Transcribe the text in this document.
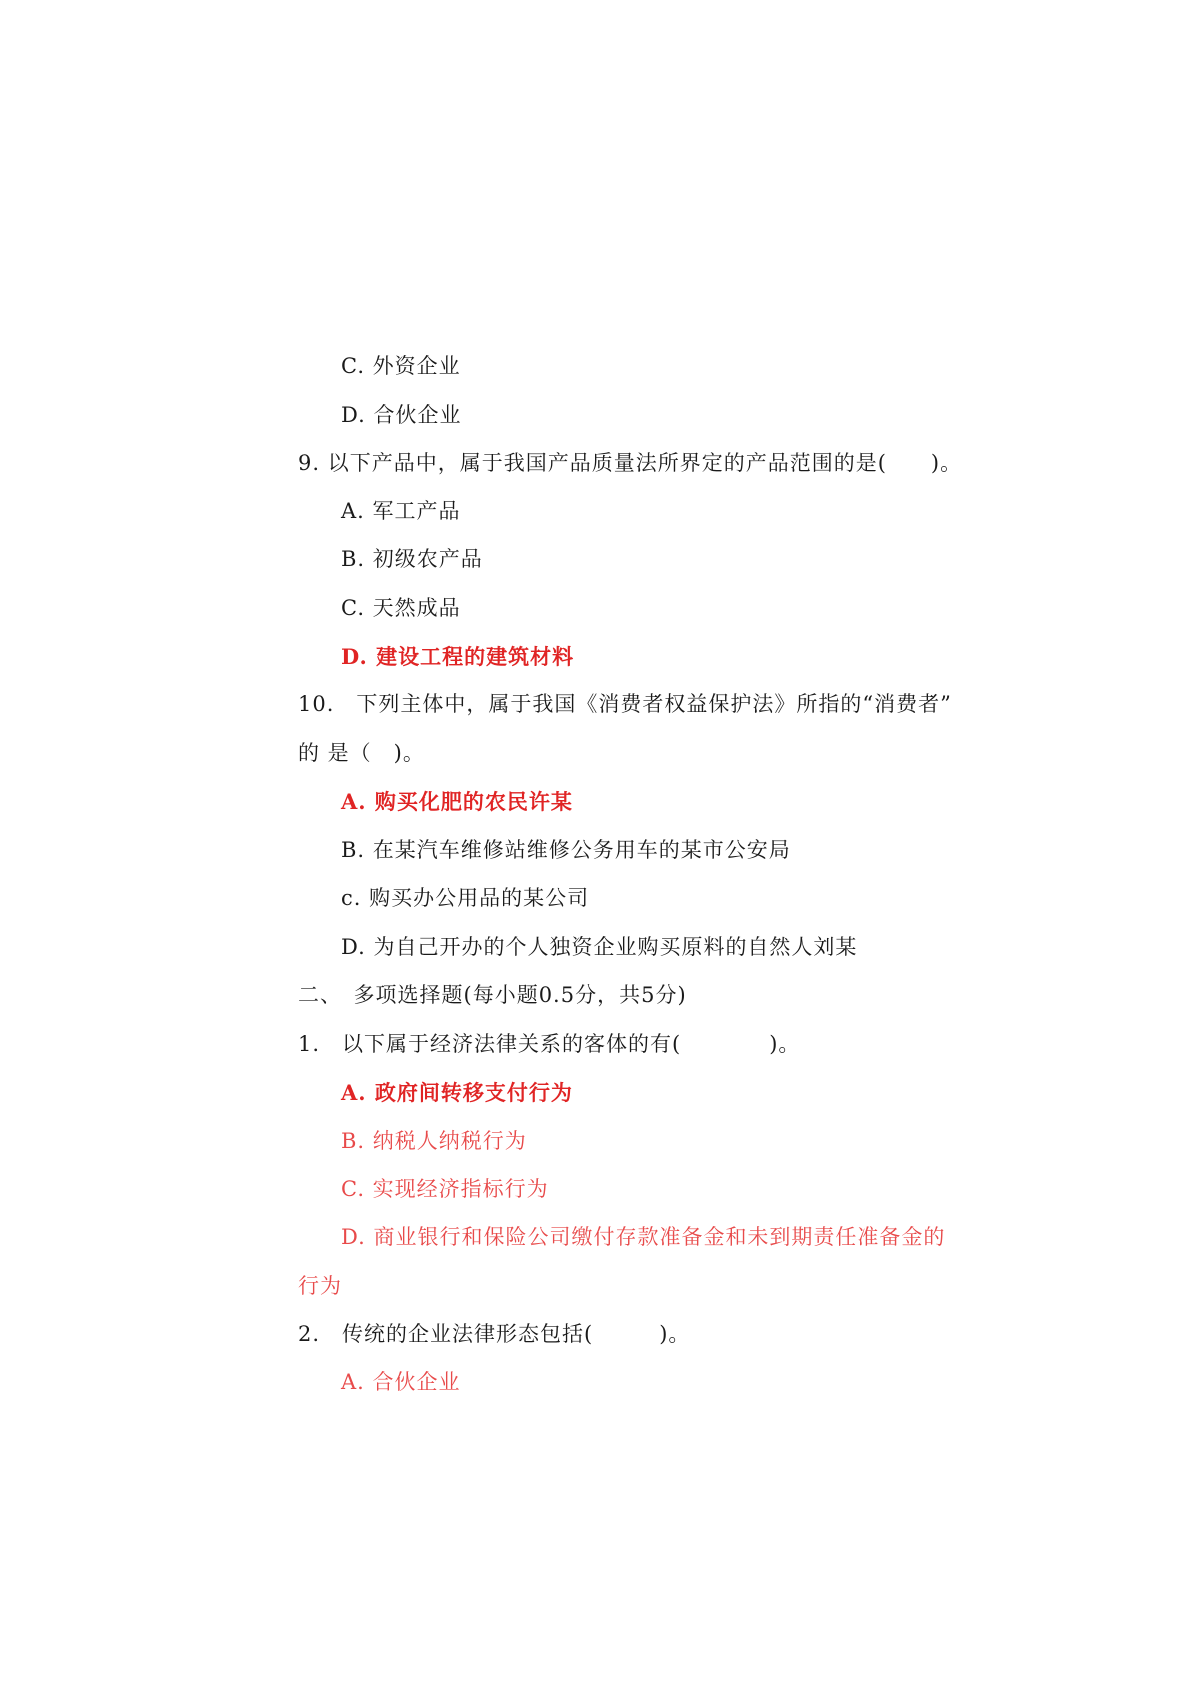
C. 外资企业
D. 合伙企业
9. 以下产品中，属于我国产品质量法所界定的产品范围的是(　　)。
A. 军工产品
B. 初级农产品
C. 天然成品
D. 建设工程的建筑材料
10.　下列主体中，属于我国《消费者权益保护法》所指的“消费者”
的 是（　)。
A. 购买化肥的农民许某
B. 在某汽车维修站维修公务用车的某市公安局
c. 购买办公用品的某公司
D. 为自己开办的个人独资企业购买原料的自然人刘某
二、　多项选择题(每小题0.5分，共5分)
1.　以下属于经济法律关系的客体的有(　　　　)。
A. 政府间转移支付行为
B. 纳税人纳税行为
C. 实现经济指标行为
D. 商业银行和保险公司缴付存款准备金和未到期责任准备金的
行为
2.　传统的企业法律形态包括(　　　)。
A. 合伙企业
